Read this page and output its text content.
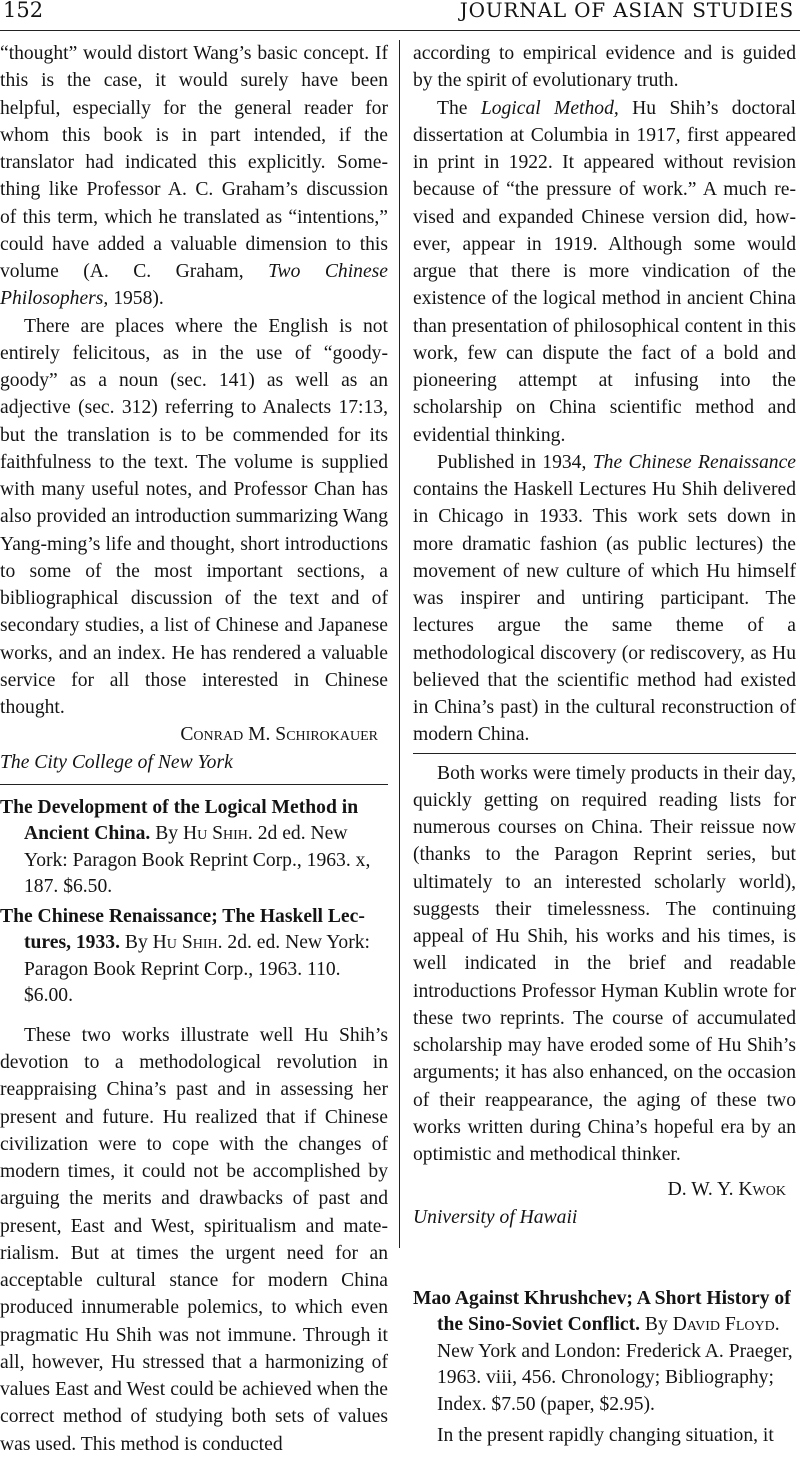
152	JOURNAL OF ASIAN STUDIES

“thought” would distort Wang’s basic concept. If this is the case, it would surely have been helpful, especially for the general reader for whom this book is in part intended, if the translator had indicated this explicitly. Something like Professor A. C. Graham’s discussion of this term, which he translated as “intentions,” could have added a valuable dimension to this volume (A. C. Graham, Two Chinese Philosophers, 1958).

There are places where the English is not entirely felicitous, as in the use of “goody-goody” as a noun (sec. 141) as well as an adjective (sec. 312) referring to Analects 17:13, but the translation is to be commended for its faithfulness to the text. The volume is supplied with many useful notes, and Professor Chan has also provided an introduction summarizing Wang Yang-ming’s life and thought, short introductions to some of the most important sections, a bibliographical discussion of the text and of secondary studies, a list of Chinese and Japanese works, and an index. He has rendered a valuable service for all those interested in Chinese thought.

Conrad M. Schirokauer

The City College of New York

The Development of the Logical Method in Ancient China. By Hu Shih. 2d ed. New York: Paragon Book Reprint Corp., 1963. x, 187. $6.50.

The Chinese Renaissance; The Haskell Lectures, 1933. By Hu Shih. 2d. ed. New York: Paragon Book Reprint Corp., 1963. 110. $6.00.

These two works illustrate well Hu Shih’s devotion to a methodological revolution in reappraising China’s past and in assessing her present and future. Hu realized that if Chinese civilization were to cope with the changes of modern times, it could not be accomplished by arguing the merits and drawbacks of past and present, East and West, spiritualism and materialism. But at times the urgent need for an acceptable cultural stance for modern China produced innumerable polemics, to which even pragmatic Hu Shih was not immune. Through it all, however, Hu stressed that a harmonizing of values East and West could be achieved when the correct method of studying both sets of values was used. This method is conducted

according to empirical evidence and is guided by the spirit of evolutionary truth.

The Logical Method, Hu Shih’s doctoral dissertation at Columbia in 1917, first appeared in print in 1922. It appeared without revision because of “the pressure of work.” A much revised and expanded Chinese version did, however, appear in 1919. Although some would argue that there is more vindication of the existence of the logical method in ancient China than presentation of philosophical content in this work, few can dispute the fact of a bold and pioneering attempt at infusing into the scholarship on China scientific method and evidential thinking.

Published in 1934, The Chinese Renaissance contains the Haskell Lectures Hu Shih delivered in Chicago in 1933. This work sets down in more dramatic fashion (as public lectures) the movement of new culture of which Hu himself was inspirer and untiring participant. The lectures argue the same theme of a methodological discovery (or rediscovery, as Hu believed that the scientific method had existed in China’s past) in the cultural reconstruction of modern China.

Both works were timely products in their day, quickly getting on required reading lists for numerous courses on China. Their reissue now (thanks to the Paragon Reprint series, but ultimately to an interested scholarly world), suggests their timelessness. The continuing appeal of Hu Shih, his works and his times, is well indicated in the brief and readable introductions Professor Hyman Kublin wrote for these two reprints. The course of accumulated scholarship may have eroded some of Hu Shih’s arguments; it has also enhanced, on the occasion of their reappearance, the aging of these two works written during China’s hopeful era by an optimistic and methodical thinker.

D. W. Y. Kwok

University of Hawaii

Mao Against Khrushchev; A Short History of the Sino-Soviet Conflict. By David Floyd. New York and London: Frederick A. Praeger, 1963. viii, 456. Chronology; Bibliography; Index. $7.50 (paper, $2.95).

In the present rapidly changing situation, it
